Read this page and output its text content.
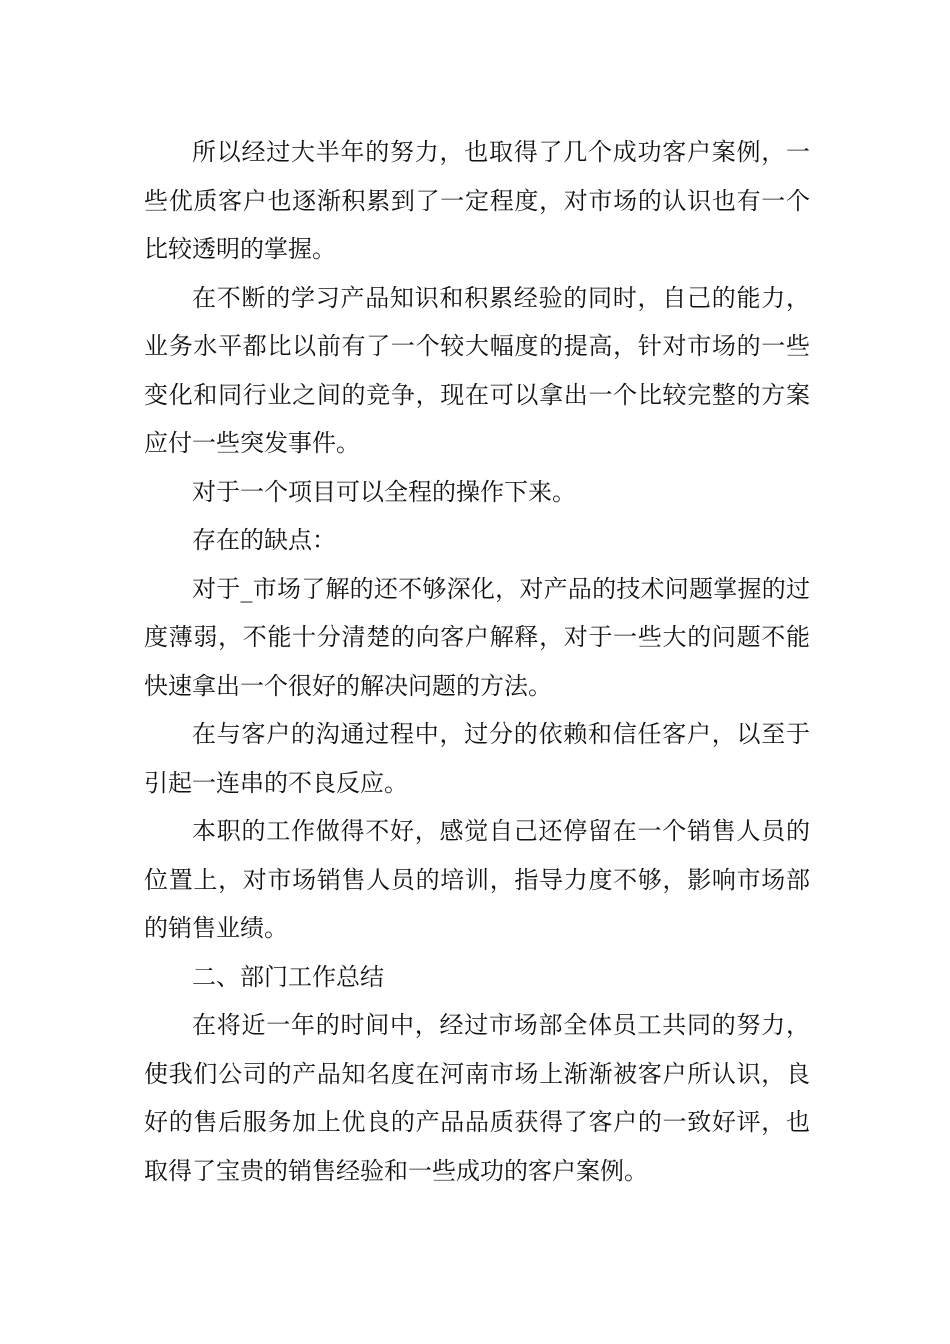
所以经过大半年的努力，也取得了几个成功客户案例，一些优质客户也逐渐积累到了一定程度，对市场的认识也有一个比较透明的掌握。

在不断的学习产品知识和积累经验的同时，自己的能力，业务水平都比以前有了一个较大幅度的提高，针对市场的一些变化和同行业之间的竞争，现在可以拿出一个比较完整的方案应付一些突发事件。

对于一个项目可以全程的操作下来。

存在的缺点：

对于_市场了解的还不够深化，对产品的技术问题掌握的过度薄弱，不能十分清楚的向客户解释，对于一些大的问题不能快速拿出一个很好的解决问题的方法。

在与客户的沟通过程中，过分的依赖和信任客户，以至于引起一连串的不良反应。

本职的工作做得不好，感觉自己还停留在一个销售人员的位置上，对市场销售人员的培训，指导力度不够，影响市场部的销售业绩。

二、部门工作总结

在将近一年的时间中，经过市场部全体员工共同的努力，使我们公司的产品知名度在河南市场上渐渐被客户所认识，良好的售后服务加上优良的产品品质获得了客户的一致好评，也取得了宝贵的销售经验和一些成功的客户案例。
